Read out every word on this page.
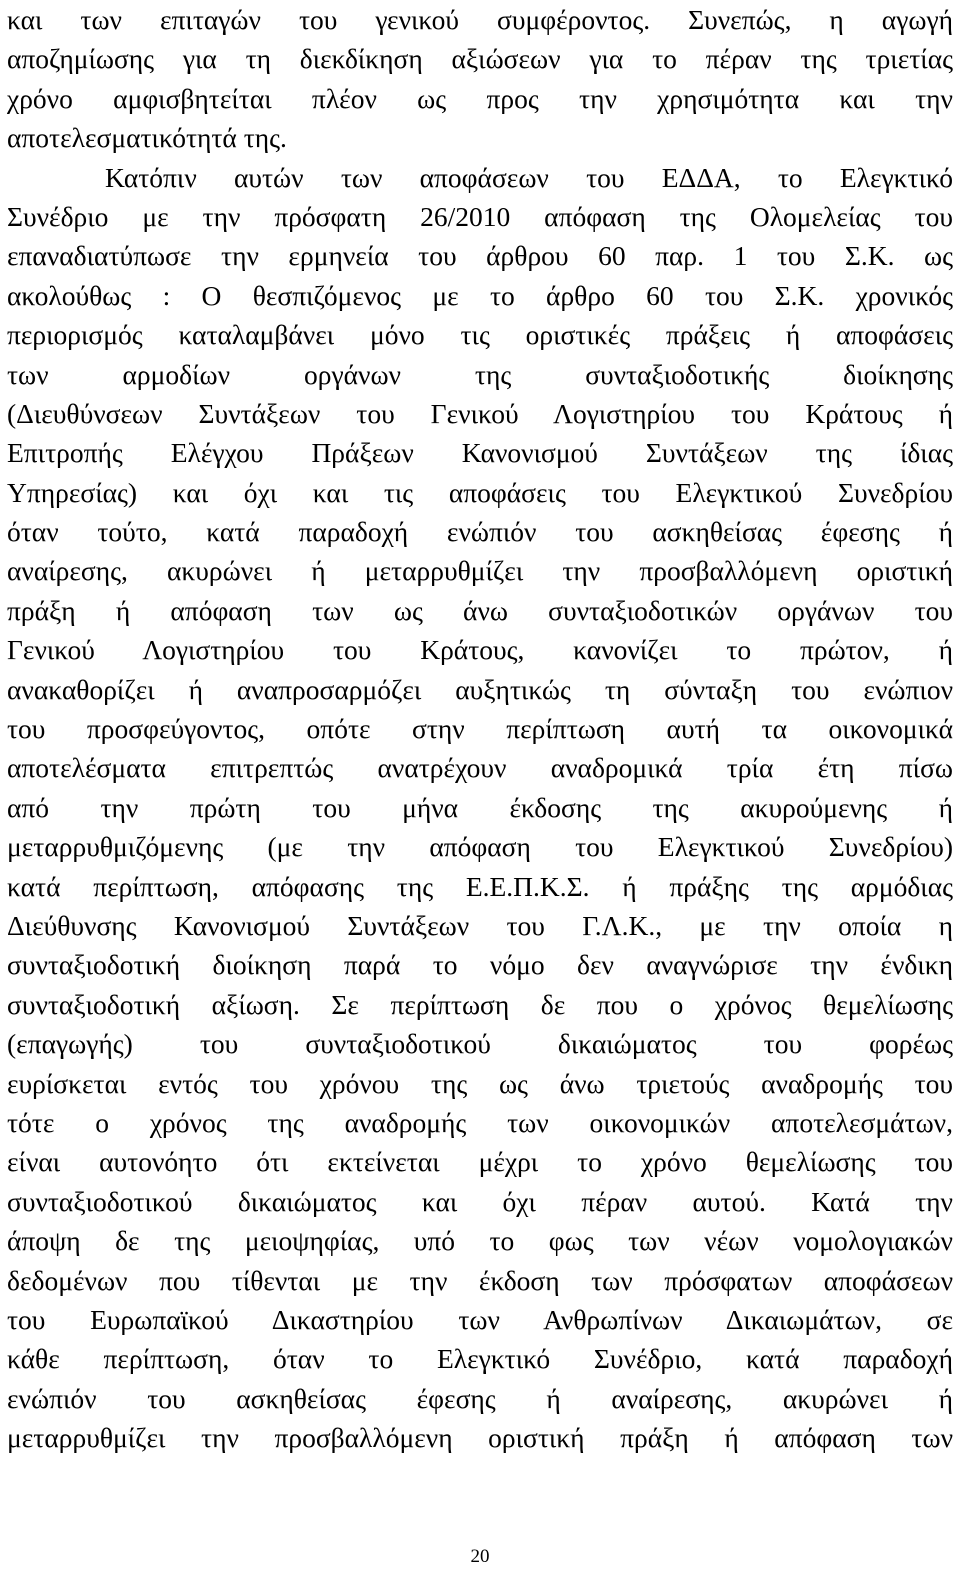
και των επιταγών του γενικού συμφέροντος. Συνεπώς, η αγωγή
αποζημίωσης για τη διεκδίκηση αξιώσεων για το πέραν της τριετίας
χρόνο αμφισβητείται πλέον ως προς την χρησιμότητα και την
αποτελεσματικότητά της.
Κατόπιν αυτών των αποφάσεων του ΕΔΔΑ, το Ελεγκτικό
Συνέδριο με την πρόσφατη 26/2010 απόφαση της Ολομελείας του
επαναδιατύπωσε την ερμηνεία του άρθρου 60 παρ. 1 του Σ.Κ. ως
ακολούθως : Ο θεσπιζόμενος με το άρθρο 60 του Σ.Κ. χρονικός
περιορισμός καταλαμβάνει μόνο τις οριστικές πράξεις ή αποφάσεις
των αρμοδίων οργάνων της συνταξιοδοτικής διοίκησης
(Διευθύνσεων Συντάξεων του Γενικού Λογιστηρίου του Κράτους ή
Επιτροπής Ελέγχου Πράξεων Κανονισμού Συντάξεων της ίδιας
Υπηρεσίας) και όχι και τις αποφάσεις του Ελεγκτικού Συνεδρίου
όταν τούτο, κατά παραδοχή ενώπιόν του ασκηθείσας έφεσης ή
αναίρεσης, ακυρώνει ή μεταρρυθμίζει την προσβαλλόμενη οριστική
πράξη ή απόφαση των ως άνω συνταξιοδοτικών οργάνων του
Γενικού Λογιστηρίου του Κράτους, κανονίζει το πρώτον, ή
ανακαθορίζει ή αναπροσαρμόζει αυξητικώς τη σύνταξη του ενώπιον
του προσφεύγοντος, οπότε στην περίπτωση αυτή τα οικονομικά
αποτελέσματα επιτρεπτώς ανατρέχουν αναδρομικά τρία έτη πίσω
από την πρώτη του μήνα έκδοσης της ακυρούμενης ή
μεταρρυθμιζόμενης (με την απόφαση του Ελεγκτικού Συνεδρίου)
κατά περίπτωση, απόφασης της Ε.Ε.Π.Κ.Σ. ή πράξης της αρμόδιας
Διεύθυνσης Κανονισμού Συντάξεων του Γ.Λ.Κ., με την οποία η
συνταξιοδοτική διοίκηση παρά το νόμο δεν αναγνώρισε την ένδικη
συνταξιοδοτική αξίωση. Σε περίπτωση δε που ο χρόνος θεμελίωσης
(επαγωγής) του συνταξιοδοτικού δικαιώματος του φορέως
ευρίσκεται εντός του χρόνου της ως άνω τριετούς αναδρομής του
τότε ο χρόνος της αναδρομής των οικονομικών αποτελεσμάτων,
είναι αυτονόητο ότι εκτείνεται μέχρι το χρόνο θεμελίωσης του
συνταξιοδοτικού δικαιώματος και όχι πέραν αυτού. Κατά την
άποψη δε της μειοψηφίας, υπό το φως των νέων νομολογιακών
δεδομένων που τίθενται με την έκδοση των πρόσφατων αποφάσεων
του Ευρωπαϊκού Δικαστηρίου των Ανθρωπίνων Δικαιωμάτων, σε
κάθε περίπτωση, όταν το Ελεγκτικό Συνέδριο, κατά παραδοχή
ενώπιόν του ασκηθείσας έφεσης ή αναίρεσης, ακυρώνει ή
μεταρρυθμίζει την προσβαλλόμενη οριστική πράξη ή απόφαση των
20
